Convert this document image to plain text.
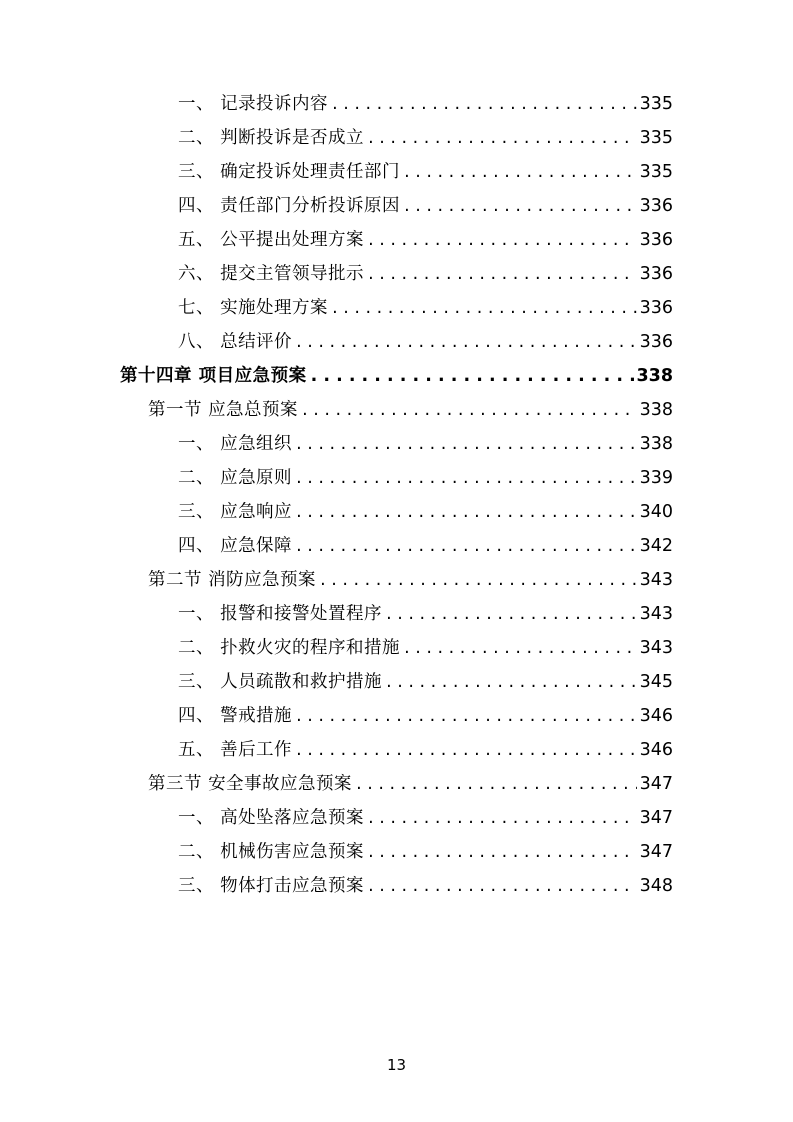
一、 记录投诉内容 . . .	335
二、 判断投诉是否成立 . . .	335
三、 确定投诉处理责任部门 . . .	335
四、 责任部门分析投诉原因 . . .	336
五、 公平提出处理方案 . . .	336
六、 提交主管领导批示 . . .	336
七、 实施处理方案 . . .	336
八、 总结评价 . . .	336
第十四章 项目应急预案 . . .	338
第一节 应急总预案 . . .	338
一、 应急组织 . . .	338
二、 应急原则 . . .	339
三、 应急响应 . . .	340
四、 应急保障 . . .	342
第二节 消防应急预案 . . .	343
一、 报警和接警处置程序 . . .	343
二、 扑救火灾的程序和措施 . . .	343
三、 人员疏散和救护措施 . . .	345
四、 警戒措施 . . .	346
五、 善后工作 . . .	346
第三节 安全事故应急预案 . . .	347
一、 高处坠落应急预案 . . .	347
二、 机械伤害应急预案 . . .	347
三、 物体打击应急预案 . . .	348
13
